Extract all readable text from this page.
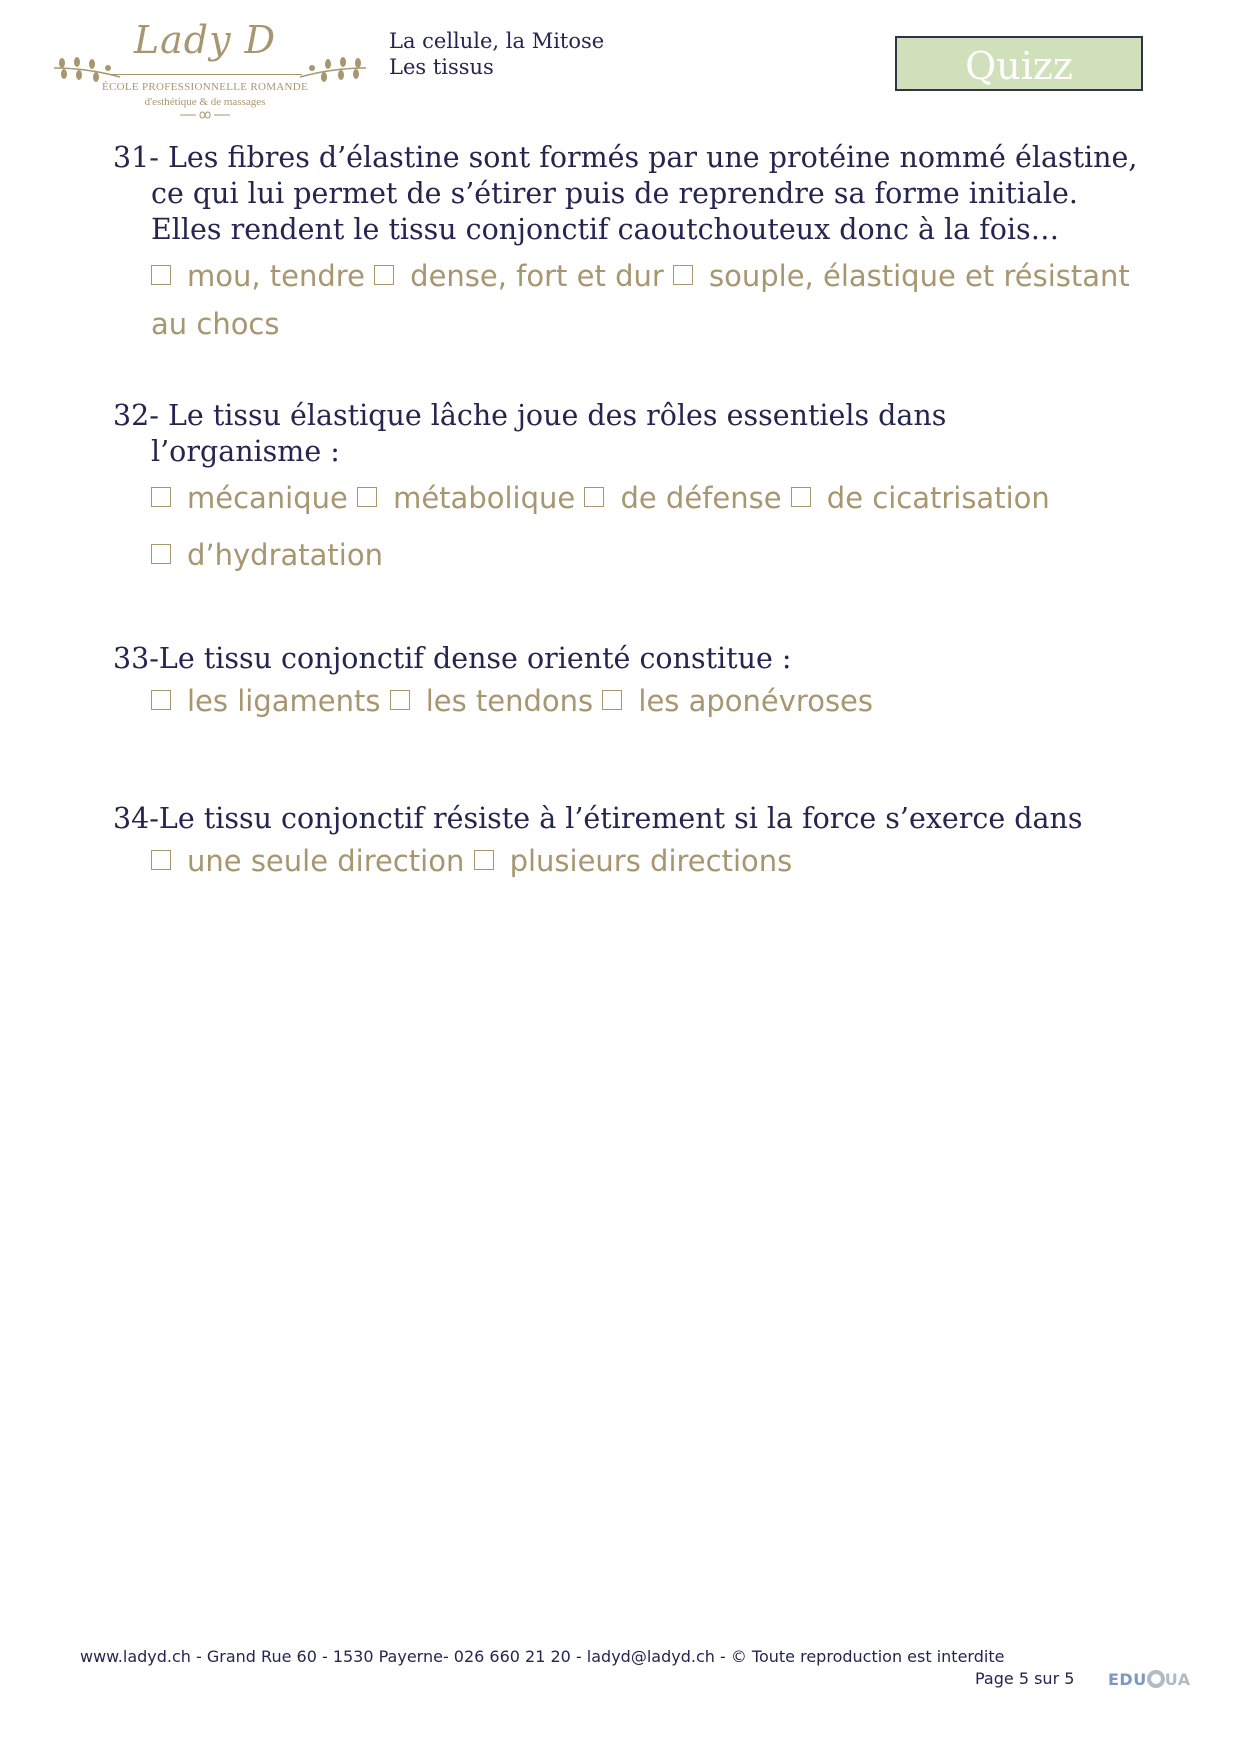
Lady D
ÉCOLE PROFESSIONNELLE ROMANDE
d'esthétique & de massages
La cellule, la Mitose
Les tissus	Quizz

31- Les fibres d’élastine sont formés par une protéine nommé élastine,
ce qui lui permet de s’étirer puis de reprendre sa forme initiale.
Elles rendent le tissu conjonctif caoutchouteux donc à la fois…

mou, tendre dense, fort et dur souple, élastique et résistant
au chocs

32- Le tissu élastique lâche joue des rôles essentiels dans
l’organisme :

mécanique métabolique de défense de cicatrisation
d’hydratation

33-Le tissu conjonctif dense orienté constitue :

les ligaments les tendons les aponévroses

34-Le tissu conjonctif résiste à l’étirement si la force s’exerce dans

une seule direction plusieurs directions
www.ladyd.ch - Grand Rue 60 - 1530 Payerne- 026 660 21 20 - ladyd@ladyd.ch - © Toute reproduction est interdite
Page 5 sur 5 EDU UA
